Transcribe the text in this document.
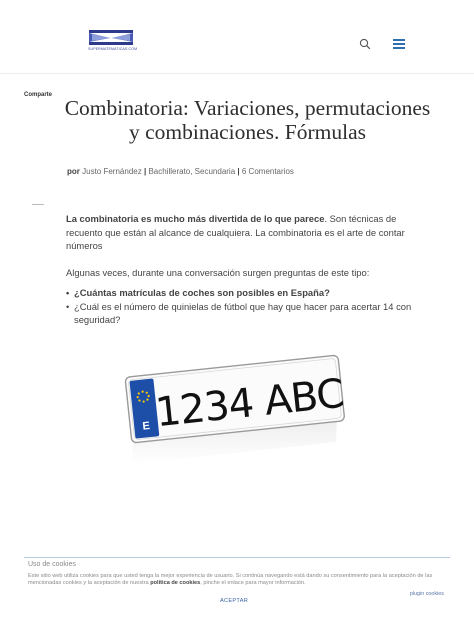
SUPERMATEMATICAS.COM
Comparte
Combinatoria: Variaciones, permutaciones y combinaciones. Fórmulas
por Justo Fernández | Bachillerato, Secundaria | 6 Comentarios

La combinatoria es mucho más divertida de lo que parece. Son técnicas de recuento que están al alcance de cualquiera. La combinatoria es el arte de contar números

Algunas veces, durante una conversación surgen preguntas de este tipo:

• ¿Cuántas matrículas de coches son posibles en España?
• ¿Cuál es el número de quinielas de fútbol que hay que hacer para acertar 14 con seguridad?
E 1234 ABC
Uso de cookies
Este sitio web utiliza cookies para que usted tenga la mejor experiencia de usuario. Si continúa navegando está dando su consentimiento para la aceptación de las mencionadas cookies y la aceptación de nuestra política de cookies, pinche el enlace para mayor información.
plugin cookies
ACEPTAR
